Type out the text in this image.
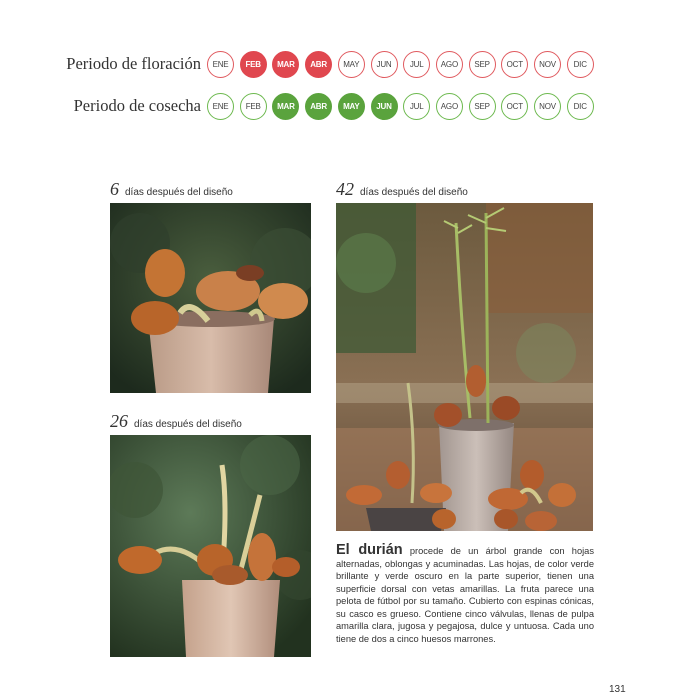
Periodo de floración	ENE	FEB	MAR	ABR	MAY	JUN	JUL	AGO	SEP	OCT	NOV	DIC
Periodo de cosecha	ENE	FEB	MAR	ABR	MAY	JUN	JUL	AGO	SEP	OCT	NOV	DIC
6 días después del diseño
26 días después del diseño
42 días después del diseño

El durián procede de un árbol grande con hojas alternadas, oblongas y acuminadas. Las hojas, de color verde brillante y verde oscuro en la parte superior, tienen una superficie dorsal con vetas amarillas. La fruta parece una pelota de fútbol por su tamaño. Cubierto con espinas cónicas, su casco es grueso. Contiene cinco válvulas, llenas de pulpa amarilla clara, jugosa y pegajosa, dulce y untuosa. Cada uno tiene de dos a cinco huesos marrones.

131
